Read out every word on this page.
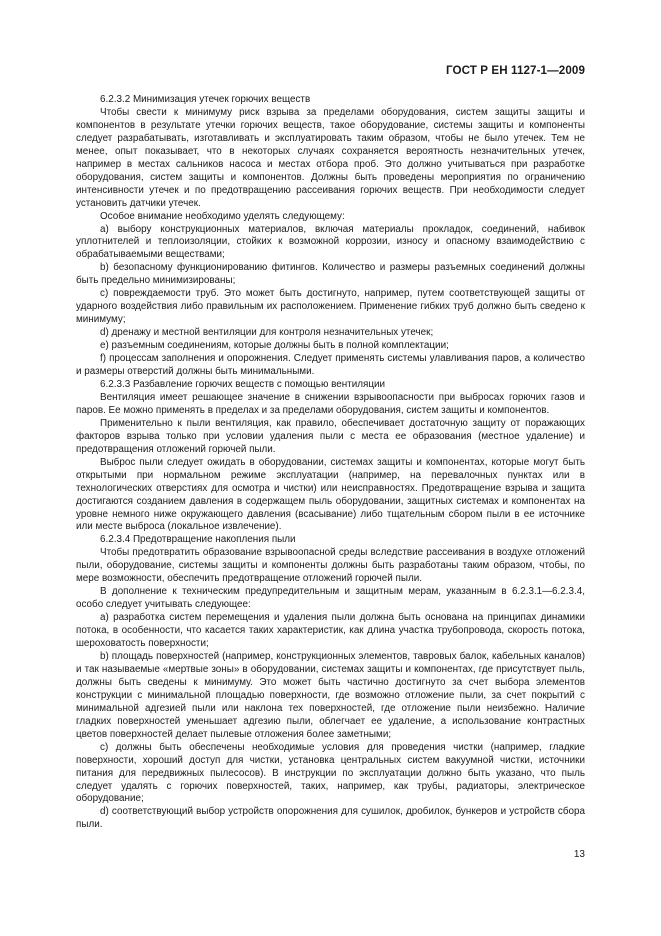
ГОСТ Р ЕН 1127-1—2009

6.2.3.2 Минимизация утечек горючих веществ

Чтобы свести к минимуму риск взрыва за пределами оборудования, систем защиты защиты и компонентов в результате утечки горючих веществ, такое оборудование, системы защиты и компоненты следует разрабатывать, изготавливать и эксплуатировать таким образом, чтобы не было утечек. Тем не менее, опыт показывает, что в некоторых случаях сохраняется вероятность незначительных утечек, например в местах сальников насоса и местах отбора проб. Это должно учитываться при разработке оборудования, систем защиты и компонентов. Должны быть проведены мероприятия по ограничению интенсивности утечек и по предотвращению рассеивания горючих веществ. При необходимости следует установить датчики утечек.

Особое внимание необходимо уделять следующему:

a) выбору конструкционных материалов, включая материалы прокладок, соединений, набивок уплотнителей и теплоизоляции, стойких к возможной коррозии, износу и опасному взаимодействию с обрабатываемыми веществами;

b) безопасному функционированию фитингов. Количество и размеры разъемных соединений должны быть предельно минимизированы;

c) повреждаемости труб. Это может быть достигнуто, например, путем соответствующей защиты от ударного воздействия либо правильным их расположением. Применение гибких труб должно быть сведено к минимуму;

d) дренажу и местной вентиляции для контроля незначительных утечек;

e) разъемным соединениям, которые должны быть в полной комплектации;

f) процессам заполнения и опорожнения. Следует применять системы улавливания паров, а количество и размеры отверстий должны быть минимальными.

6.2.3.3 Разбавление горючих веществ с помощью вентиляции

Вентиляция имеет решающее значение в снижении взрывоопасности при выбросах горючих газов и паров. Ее можно применять в пределах и за пределами оборудования, систем защиты и компонентов.

Применительно к пыли вентиляция, как правило, обеспечивает достаточную защиту от поражающих факторов взрыва только при условии удаления пыли с места ее образования (местное удаление) и предотвращения отложений горючей пыли.

Выброс пыли следует ожидать в оборудовании, системах защиты и компонентах, которые могут быть открытыми при нормальном режиме эксплуатации (например, на перевалочных пунктах или в технологических отверстиях для осмотра и чистки) или неисправностях. Предотвращение взрыва и защита достигаются созданием давления в содержащем пыль оборудовании, защитных системах и компонентах на уровне немного ниже окружающего давления (всасывание) либо тщательным сбором пыли в ее источнике или месте выброса (локальное извлечение).

6.2.3.4 Предотвращение накопления пыли

Чтобы предотвратить образование взрывоопасной среды вследствие рассеивания в воздухе отложений пыли, оборудование, системы защиты и компоненты должны быть разработаны таким образом, чтобы, по мере возможности, обеспечить предотвращение отложений горючей пыли.

В дополнение к техническим предупредительным и защитным мерам, указанным в 6.2.3.1—6.2.3.4, особо следует учитывать следующее:

a) разработка систем перемещения и удаления пыли должна быть основана на принципах динамики потока, в особенности, что касается таких характеристик, как длина участка трубопровода, скорость потока, шероховатость поверхности;

b) площадь поверхностей (например, конструкционных элементов, тавровых балок, кабельных каналов) и так называемые «мертвые зоны» в оборудовании, системах защиты и компонентах, где присутствует пыль, должны быть сведены к минимуму. Это может быть частично достигнуто за счет выбора элементов конструкции с минимальной площадью поверхности, где возможно отложение пыли, за счет покрытий с минимальной адгезией пыли или наклона тех поверхностей, где отложение пыли неизбежно. Наличие гладких поверхностей уменьшает адгезию пыли, облегчает ее удаление, а использование контрастных цветов поверхностей делает пылевые отложения более заметными;

c) должны быть обеспечены необходимые условия для проведения чистки (например, гладкие поверхности, хороший доступ для чистки, установка центральных систем вакуумной чистки, источники питания для передвижных пылесосов). В инструкции по эксплуатации должно быть указано, что пыль следует удалять с горючих поверхностей, таких, например, как трубы, радиаторы, электрическое оборудование;

d) соответствующий выбор устройств опорожнения для сушилок, дробилок, бункеров и устройств сбора пыли.

13
